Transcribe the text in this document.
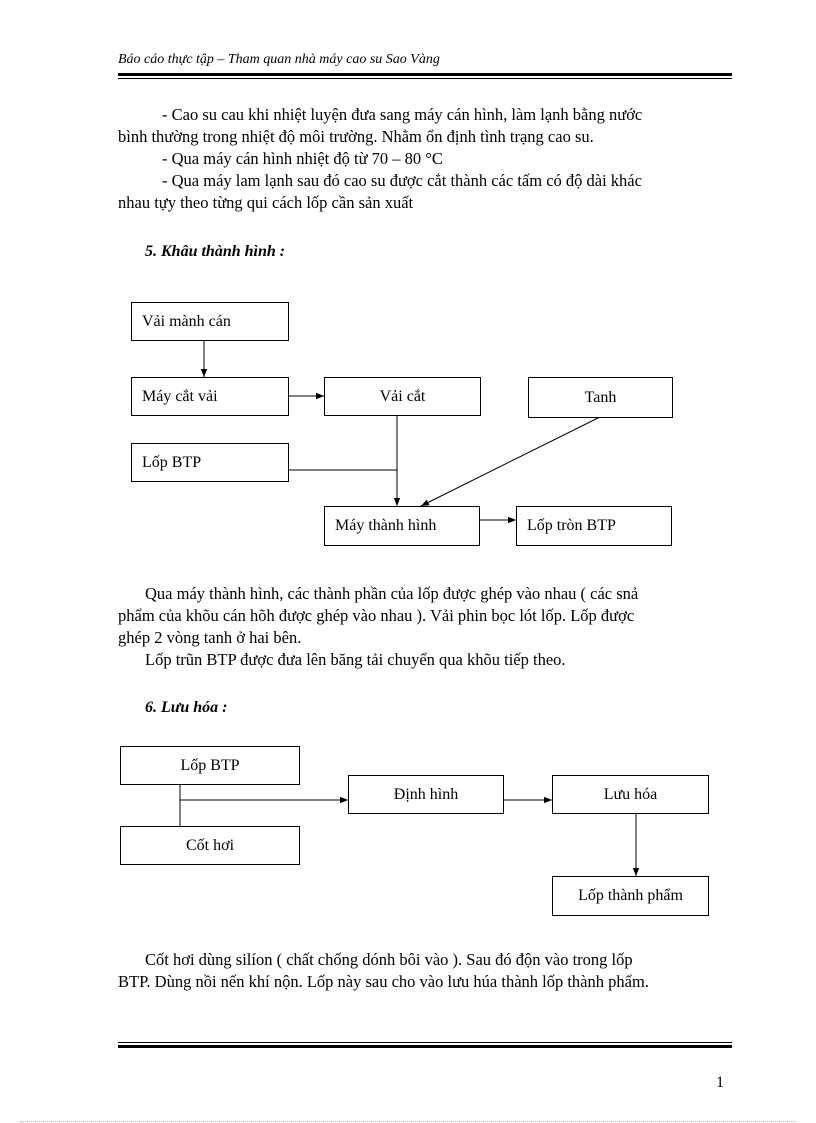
Báo cáo thực tập – Tham quan nhà máy cao su Sao Vàng

- Cao su cau khi nhiệt luyện đưa sang máy cán hình, làm lạnh bằng nước

bình thường trong nhiệt độ môi trường. Nhằm ổn định tình trạng cao su.

- Qua máy cán hình nhiệt độ từ 70 – 80 °C

- Qua máy lam lạnh sau đó cao su được cắt thành các tấm có độ dài khác

nhau tựy theo từng qui cách lốp cần sản xuất

5. Khâu thành hình :
Vải mành cán
Máy cắt vải	Vải cắt	Tanh
Lốp BTP
Máy thành hình	Lốp tròn BTP

Qua máy thành hình, các thành phần của lốp được ghép vào nhau ( các snả

phẩm của khõu cán hõh được ghép vào nhau ). Vải phin bọc lót lốp. Lốp được

ghép 2 vòng tanh ở hai bên.

Lốp trũn BTP được đưa lên băng tải chuyển qua khõu tiếp theo.

6. Lưu hóa :
Lốp BTP
Cốt hơi
Định hình	Lưu hóa
Lốp thành phẩm

Cốt hơi dùng silíon ( chất chống dónh bôi vào ). Sau đó độn vào trong lốp

BTP. Dùng nồi nến khí nộn. Lốp này sau cho vào lưu húa thành lốp thành phẩm.

1
